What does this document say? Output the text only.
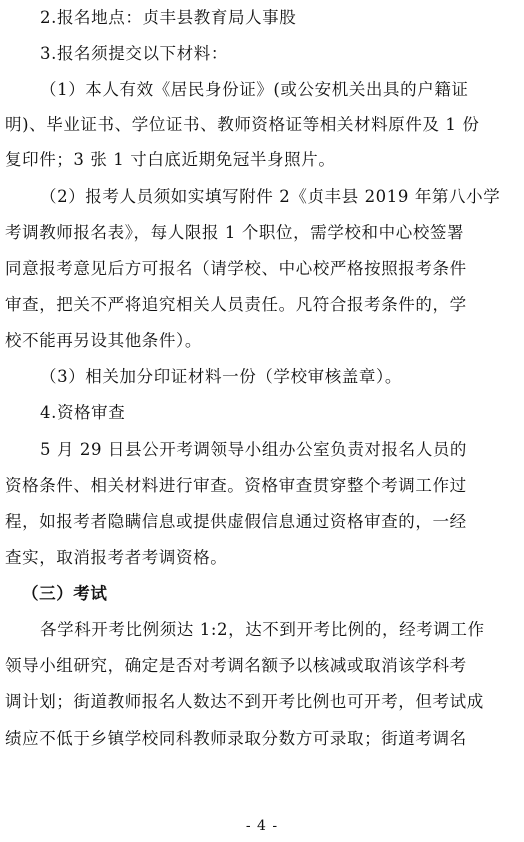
2.报名地点：贞丰县教育局人事股
3.报名须提交以下材料：
（1）本人有效《居民身份证》(或公安机关出具的户籍证
明)、毕业证书、学位证书、教师资格证等相关材料原件及 1 份
复印件；3 张 1 寸白底近期免冠半身照片。
（2）报考人员须如实填写附件 2《贞丰县 2019 年第八小学
考调教师报名表》，每人限报 1 个职位，需学校和中心校签署
同意报考意见后方可报名（请学校、中心校严格按照报考条件
审查，把关不严将追究相关人员责任。凡符合报考条件的，学
校不能再另设其他条件）。
（3）相关加分印证材料一份（学校审核盖章）。
4.资格审查
5 月 29 日县公开考调领导小组办公室负责对报名人员的
资格条件、相关材料进行审查。资格审查贯穿整个考调工作过
程，如报考者隐瞒信息或提供虚假信息通过资格审查的，一经
查实，取消报考者考调资格。
（三）考试
各学科开考比例须达 1:2，达不到开考比例的，经考调工作
领导小组研究，确定是否对考调名额予以核减或取消该学科考
调计划；街道教师报名人数达不到开考比例也可开考，但考试成
绩应不低于乡镇学校同科教师录取分数方可录取；街道考调名
- 4 -
